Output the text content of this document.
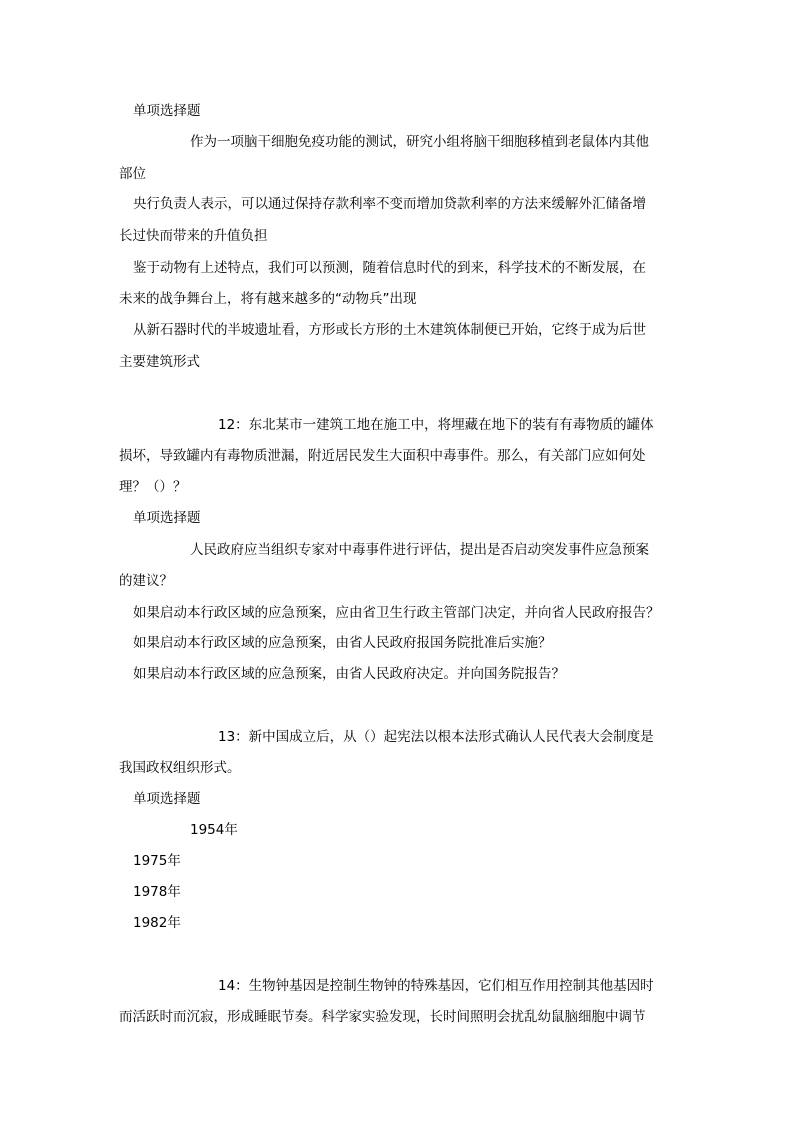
单项选择题
作为一项脑干细胞免疫功能的测试，研究小组将脑干细胞移植到老鼠体内其他
部位
央行负责人表示，可以通过保持存款利率不变而增加贷款利率的方法来缓解外汇储备增
长过快而带来的升值负担
鉴于动物有上述特点，我们可以预测，随着信息时代的到来，科学技术的不断发展，在
未来的战争舞台上，将有越来越多的“动物兵”出现
从新石器时代的半坡遗址看，方形或长方形的土木建筑体制便已开始，它终于成为后世
主要建筑形式
12：东北某市一建筑工地在施工中，将埋藏在地下的装有有毒物质的罐体
损坏，导致罐内有毒物质泄漏，附近居民发生大面积中毒事件。那么，有关部门应如何处
理？（）？
单项选择题
人民政府应当组织专家对中毒事件进行评估，提出是否启动突发事件应急预案
的建议？
如果启动本行政区域的应急预案，应由省卫生行政主管部门决定，并向省人民政府报告？
如果启动本行政区域的应急预案，由省人民政府报国务院批准后实施？
如果启动本行政区域的应急预案，由省人民政府决定。并向国务院报告？
13：新中国成立后，从（）起宪法以根本法形式确认人民代表大会制度是
我国政权组织形式。
单项选择题
1954年
1975年
1978年
1982年
14：生物钟基因是控制生物钟的特殊基因，它们相互作用控制其他基因时
而活跃时而沉寂，形成睡眠节奏。科学家实验发现，长时间照明会扰乱幼鼠脑细胞中调节
